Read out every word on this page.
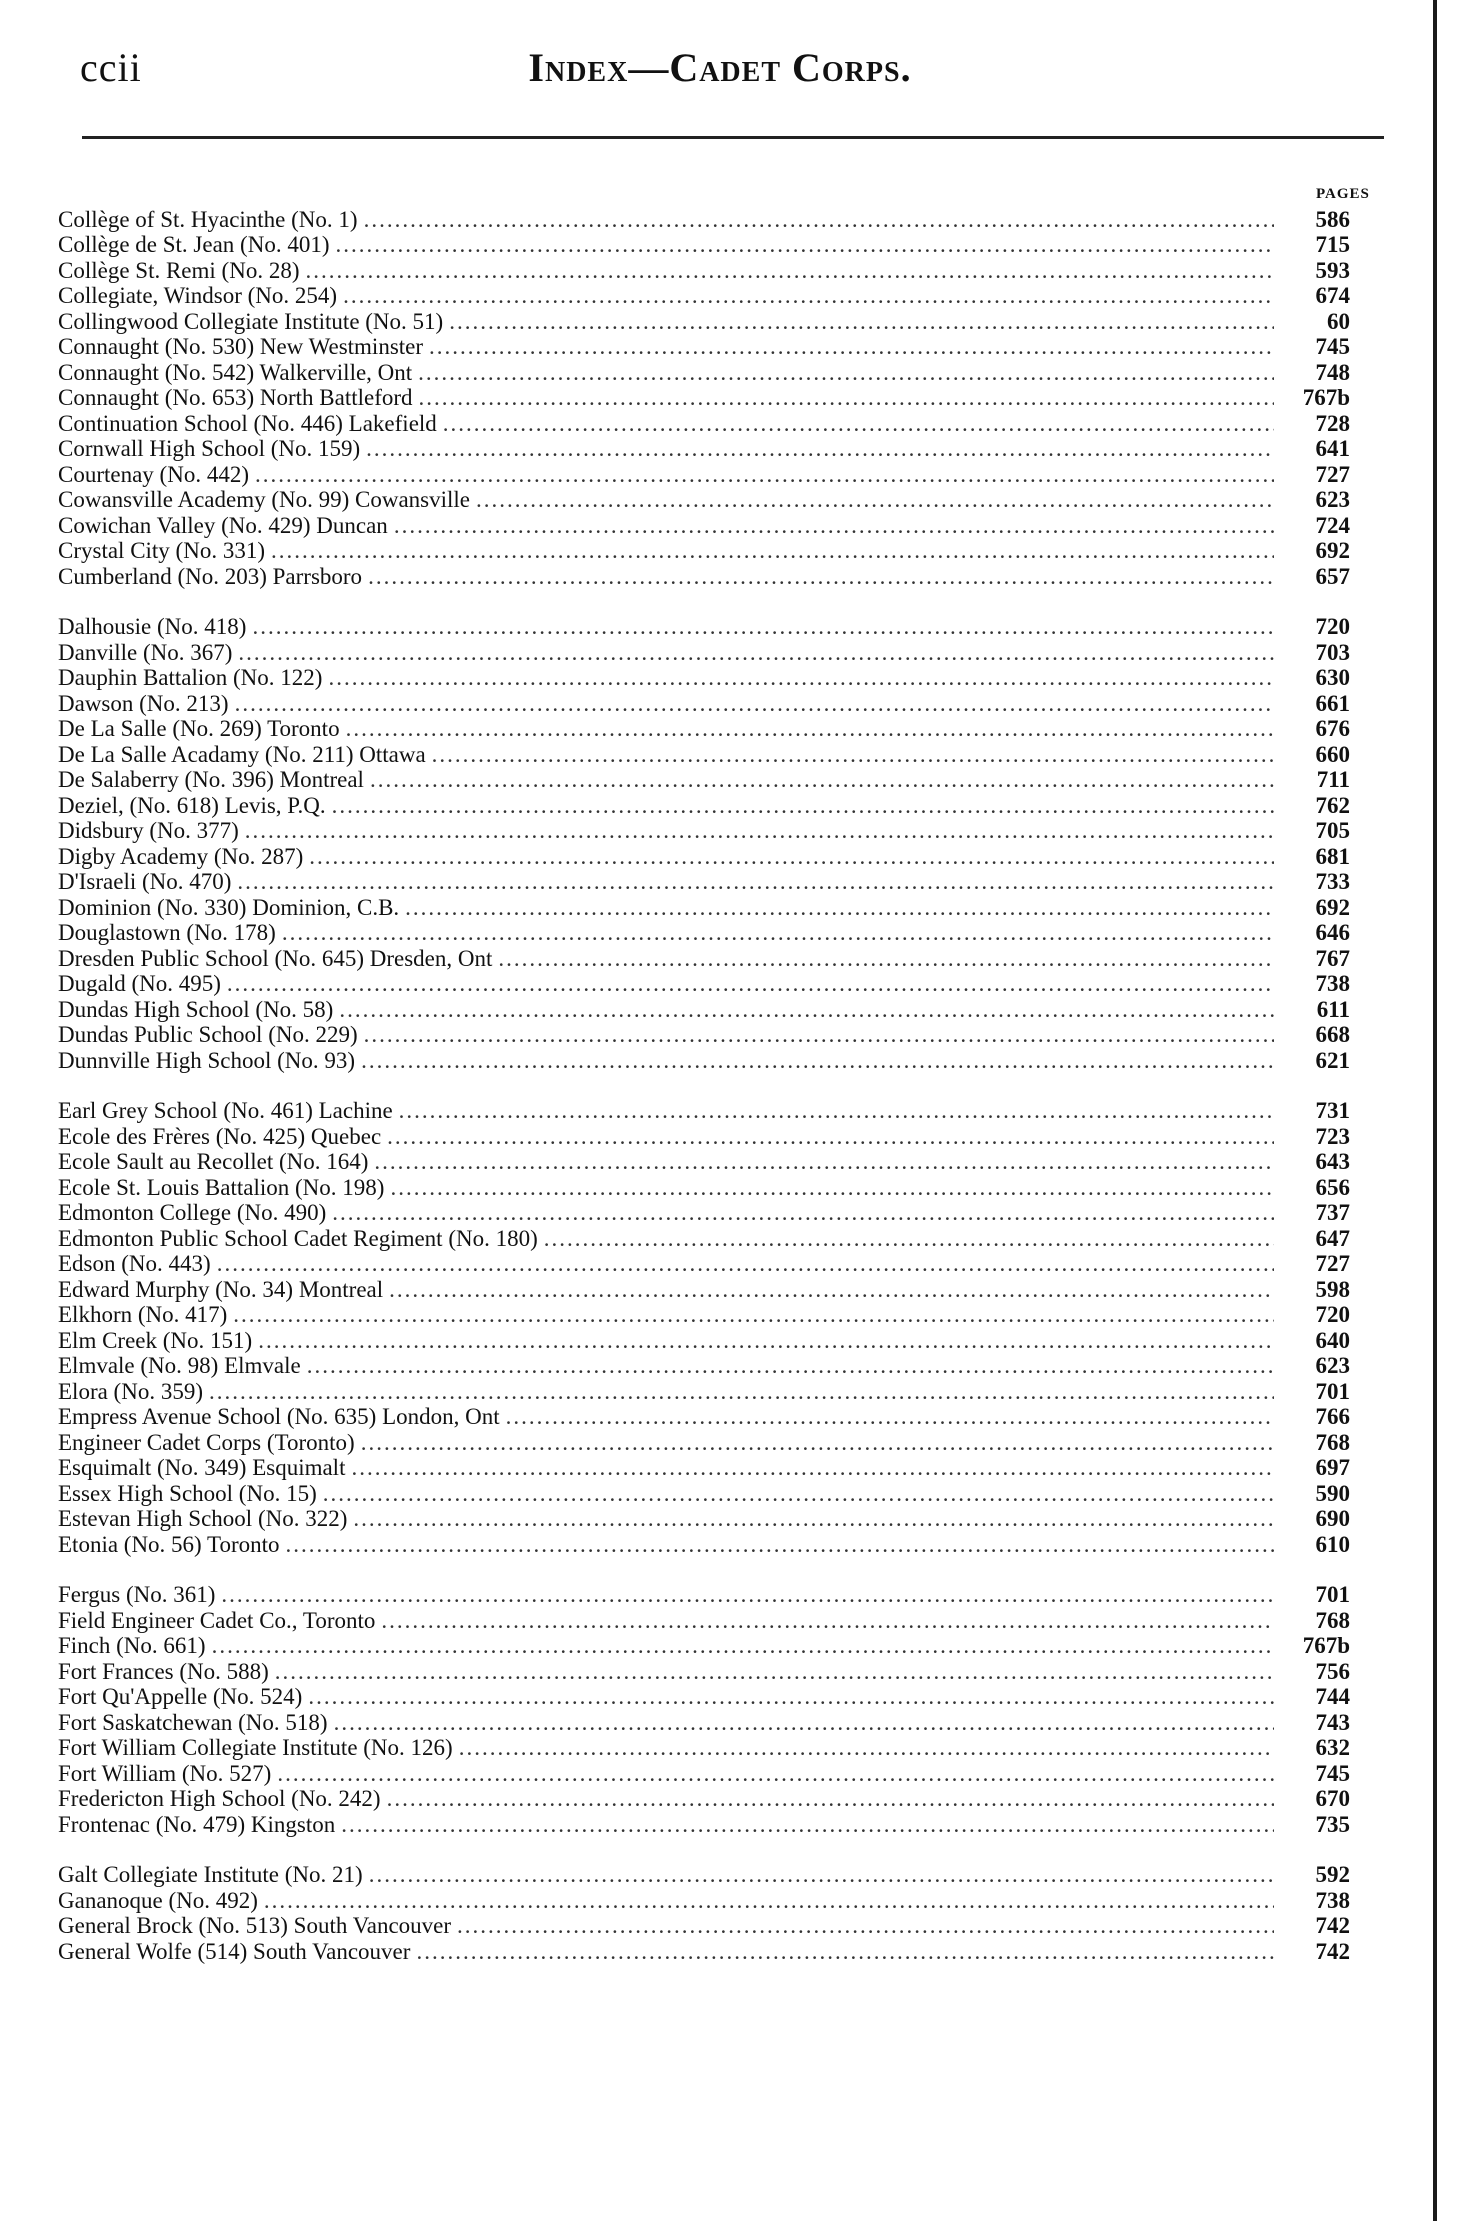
ccii	Index—Cadet Corps.
PAGES
Collège of St. Hyacinthe (No. 1) .....	586
Collège de St. Jean (No. 401) .....	715
Collège St. Remi (No. 28) .....	593
Collegiate, Windsor (No. 254) .....	674
Collingwood Collegiate Institute (No. 51) .....	60
Connaught (No. 530) New Westminster .....	745
Connaught (No. 542) Walkerville, Ont .....	748
Connaught (No. 653) North Battleford .....	767b
Continuation School (No. 446) Lakefield .....	728
Cornwall High School (No. 159) .....	641
Courtenay (No. 442) .....	727
Cowansville Academy (No. 99) Cowansville .....	623
Cowichan Valley (No. 429) Duncan .....	724
Crystal City (No. 331) .....	692
Cumberland (No. 203) Parrsboro .....	657
Dalhousie (No. 418) .....	720
Danville (No. 367) .....	703
Dauphin Battalion (No. 122) .....	630
Dawson (No. 213) .....	661
De La Salle (No. 269) Toronto .....	676
De La Salle Acadamy (No. 211) Ottawa .....	660
De Salaberry (No. 396) Montreal .....	711
Deziel, (No. 618) Levis, P.Q. .....	762
Didsbury (No. 377) .....	705
Digby Academy (No. 287) .....	681
D'Israeli (No. 470) .....	733
Dominion (No. 330) Dominion, C.B. .....	692
Douglastown (No. 178) .....	646
Dresden Public School (No. 645) Dresden, Ont .....	767
Dugald (No. 495) .....	738
Dundas High School (No. 58) .....	611
Dundas Public School (No. 229) .....	668
Dunnville High School (No. 93) .....	621
Earl Grey School (No. 461) Lachine .....	731
Ecole des Frères (No. 425) Quebec .....	723
Ecole Sault au Recollet (No. 164) .....	643
Ecole St. Louis Battalion (No. 198) .....	656
Edmonton College (No. 490) .....	737
Edmonton Public School Cadet Regiment (No. 180) .....	647
Edson (No. 443) .....	727
Edward Murphy (No. 34) Montreal .....	598
Elkhorn (No. 417) .....	720
Elm Creek (No. 151) .....	640
Elmvale (No. 98) Elmvale .....	623
Elora (No. 359) .....	701
Empress Avenue School (No. 635) London, Ont .....	766
Engineer Cadet Corps (Toronto) .....	768
Esquimalt (No. 349) Esquimalt .....	697
Essex High School (No. 15) .....	590
Estevan High School (No. 322) .....	690
Etonia (No. 56) Toronto .....	610
Fergus (No. 361) .....	701
Field Engineer Cadet Co., Toronto .....	768
Finch (No. 661) .....	767b
Fort Frances (No. 588) .....	756
Fort Qu'Appelle (No. 524) .....	744
Fort Saskatchewan (No. 518) .....	743
Fort William Collegiate Institute (No. 126) .....	632
Fort William (No. 527) .....	745
Fredericton High School (No. 242) .....	670
Frontenac (No. 479) Kingston .....	735
Galt Collegiate Institute (No. 21) .....	592
Gananoque (No. 492) .....	738
General Brock (No. 513) South Vancouver .....	742
General Wolfe (514) South Vancouver .....	742
